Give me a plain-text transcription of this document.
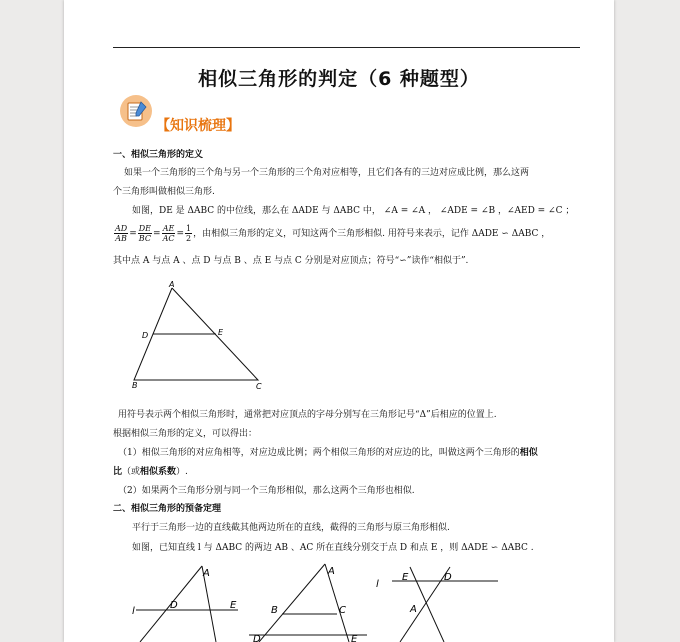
相似三角形的判定（6 种题型）
【知识梳理】
一、相似三角形的定义
如果一个三角形的三个角与另一个三角形的三个角对应相等，且它们各有的三边对应成比例，那么这两
个三角形叫做相似三角形.
如图，DE 是 ΔABC 的中位线，那么在 ΔADE 与 ΔABC 中， ∠A = ∠A ， ∠ADE = ∠B ，∠AED = ∠C ；
$\frac{AD}{AB} = \frac{DE}{BC} = \frac{AE}{AC} = \frac{1}{2}$ ，由相似三角形的定义，可知这两个三角形相似. 用符号来表示，记作 ΔADE ∽ ΔABC ，
其中点 A 与点 A 、点 D 与点 B 、点 E 与点 C 分别是对应顶点；符号“∽”读作“相似于”.
A
D	E
B	C
用符号表示两个相似三角形时，通常把对应顶点的字母分别写在三角形记号“Δ”后相应的位置上.
根据相似三角形的定义，可以得出：
（1）相似三角形的对应角相等，对应边成比例；两个相似三角形的对应边的比，叫做这两个三角形的相似
比（或相似系数）.
（2）如果两个三角形分别与同一个三角形相似，那么这两个三角形也相似.
二、相似三角形的预备定理
平行于三角形一边的直线截其他两边所在的直线，截得的三角形与原三角形相似.
如图，已知直线 l 与 ΔABC 的两边 AB 、AC 所在直线分别交于点 D 和点 E ，则 ΔADE ∽ ΔABC .
A
E
D
l
A
B	C
D	E
l
E	D
A
